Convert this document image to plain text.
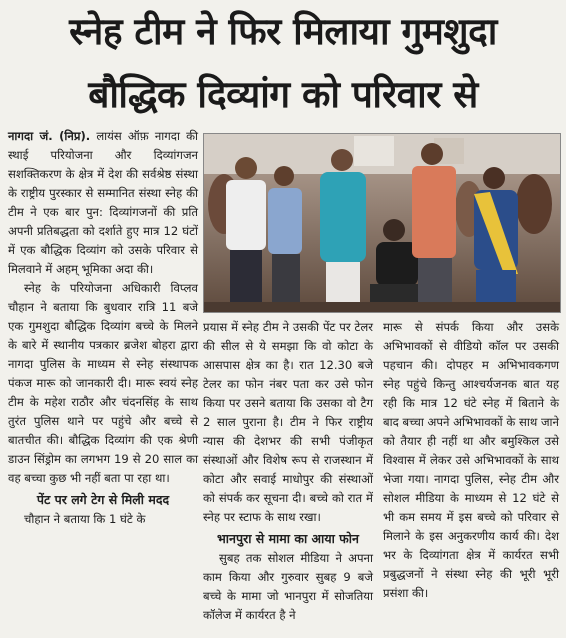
स्नेह टीम ने फिर मिलाया गुमशुदा
बौद्धिक दिव्यांग को परिवार से

नागदा जं. (निप्र). लायंस ऑफ़ नागदा की स्थाई परियोजना और दिव्यांगजन सशक्तिकरण के क्षेत्र में देश की सर्वश्रेष्ठ संस्था के राष्ट्रीय पुरस्कार से सम्मानित संस्था स्नेह की टीम ने एक बार पुन: दिव्यांगजनों की प्रति अपनी प्रतिबद्धता को दर्शाते हुए मात्र 12 घंटों में एक बौद्धिक दिव्यांग को उसके परिवार से मिलवाने में अहम् भूमिका अदा की।

स्नेह के परियोजना अधिकारी विप्लव चौहान ने बताया कि बुधवार रात्रि 11 बजे एक गुमशुदा बौद्धिक दिव्यांग बच्चे के मिलने के बारे में स्थानीय पत्रकार ब्रजेश बोहरा द्वारा नागदा पुलिस के माध्यम से स्नेह संस्थापक पंकज मारू को जानकारी दी। मारू स्वयं स्नेह टीम के महेश राठौर और चंदनसिंह के साथ तुरंत पुलिस थाने पर पहुंचे और बच्चे से बातचीत की। बौद्धिक दिव्यांग की एक श्रेणी डाउन सिंड्रोम का लगभग 19 से 20 साल का वह बच्चा कुछ भी नहीं बता पा रहा था।

पेंट पर लगे टेग से मिली मदद

चौहान ने बताया कि 1 घंटे के

प्रयास में स्नेह टीम ने उसकी पेंट पर टेलर की सील से ये समझा कि वो कोटा के आसपास क्षेत्र का है। रात 12.30 बजे टेलर का फोन नंबर पता कर उसे फोन किया पर उसने बताया कि उसका वो टैग 2 साल पुराना है। टीम ने फिर राष्ट्रीय न्यास की देशभर की सभी पंजीकृत संस्थाओं और विशेष रूप से राजस्थान में कोटा और सवाई माधोपुर की संस्थाओं को संपर्क कर सूचना दी। बच्चे को रात में स्नेह पर स्टाफ के साथ रखा।

भानपुरा से मामा का आया फोन

सुबह तक सोशल मीडिया ने अपना काम किया और गुरुवार सुबह 9 बजे बच्चे के मामा जो भानपुरा में सोजतिया कॉलेज में कार्यरत है ने

मारू से संपर्क किया और उसके अभिभावकों से वीडियो कॉल पर उसकी पहचान की। दोपहर म अभिभावकगण स्नेह पहुंचे किन्तु आश्चर्यजनक बात यह रही कि मात्र 12 घंटे स्नेह में बिताने के बाद बच्चा अपने अभिभावकों के साथ जाने को तैयार ही नहीं था और बमुश्किल उसे विश्वास में लेकर उसे अभिभावकों के साथ भेजा गया। नागदा पुलिस, स्नेह टीम और सोशल मीडिया के माध्यम से 12 घंटे से भी कम समय में इस बच्चे को परिवार से मिलाने के इस अनुकरणीय कार्य की। देश भर के दिव्यांगता क्षेत्र में कार्यरत सभी प्रबुद्धजनों ने संस्था स्नेह की भूरी भूरी प्रसंशा की।
